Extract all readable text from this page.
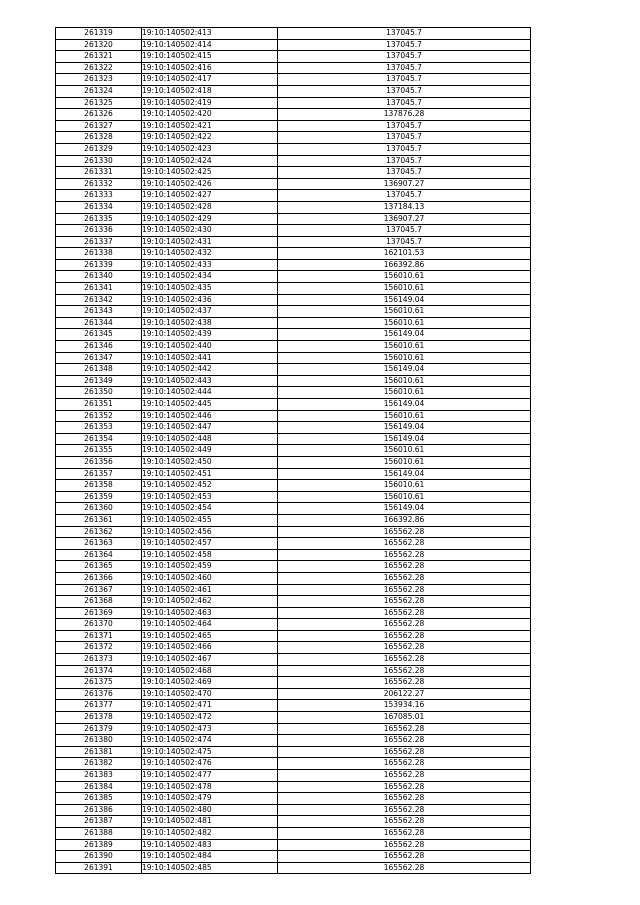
261319	19:10:140502:413	137045.7
261320	19:10:140502:414	137045.7
261321	19:10:140502:415	137045.7
261322	19:10:140502:416	137045.7
261323	19:10:140502:417	137045.7
261324	19:10:140502:418	137045.7
261325	19:10:140502:419	137045.7
261326	19:10:140502:420	137876.28
261327	19:10:140502:421	137045.7
261328	19:10:140502:422	137045.7
261329	19:10:140502:423	137045.7
261330	19:10:140502:424	137045.7
261331	19:10:140502:425	137045.7
261332	19:10:140502:426	136907.27
261333	19:10:140502:427	137045.7
261334	19:10:140502:428	137184.13
261335	19:10:140502:429	136907.27
261336	19:10:140502:430	137045.7
261337	19:10:140502:431	137045.7
261338	19:10:140502:432	162101.53
261339	19:10:140502:433	166392.86
261340	19:10:140502:434	156010.61
261341	19:10:140502:435	156010.61
261342	19:10:140502:436	156149.04
261343	19:10:140502:437	156010.61
261344	19:10:140502:438	156010.61
261345	19:10:140502:439	156149.04
261346	19:10:140502:440	156010.61
261347	19:10:140502:441	156010.61
261348	19:10:140502:442	156149.04
261349	19:10:140502:443	156010.61
261350	19:10:140502:444	156010.61
261351	19:10:140502:445	156149.04
261352	19:10:140502:446	156010.61
261353	19:10:140502:447	156149.04
261354	19:10:140502:448	156149.04
261355	19:10:140502:449	156010.61
261356	19:10:140502:450	156010.61
261357	19:10:140502:451	156149.04
261358	19:10:140502:452	156010.61
261359	19:10:140502:453	156010.61
261360	19:10:140502:454	156149.04
261361	19:10:140502:455	166392.86
261362	19:10:140502:456	165562.28
261363	19:10:140502:457	165562.28
261364	19:10:140502:458	165562.28
261365	19:10:140502:459	165562.28
261366	19:10:140502:460	165562.28
261367	19:10:140502:461	165562.28
261368	19:10:140502:462	165562.28
261369	19:10:140502:463	165562.28
261370	19:10:140502:464	165562.28
261371	19:10:140502:465	165562.28
261372	19:10:140502:466	165562.28
261373	19:10:140502:467	165562.28
261374	19:10:140502:468	165562.28
261375	19:10:140502:469	165562.28
261376	19:10:140502:470	206122.27
261377	19:10:140502:471	153934.16
261378	19:10:140502:472	167085.01
261379	19:10:140502:473	165562.28
261380	19:10:140502:474	165562.28
261381	19:10:140502:475	165562.28
261382	19:10:140502:476	165562.28
261383	19:10:140502:477	165562.28
261384	19:10:140502:478	165562.28
261385	19:10:140502:479	165562.28
261386	19:10:140502:480	165562.28
261387	19:10:140502:481	165562.28
261388	19:10:140502:482	165562.28
261389	19:10:140502:483	165562.28
261390	19:10:140502:484	165562.28
261391	19:10:140502:485	165562.28
